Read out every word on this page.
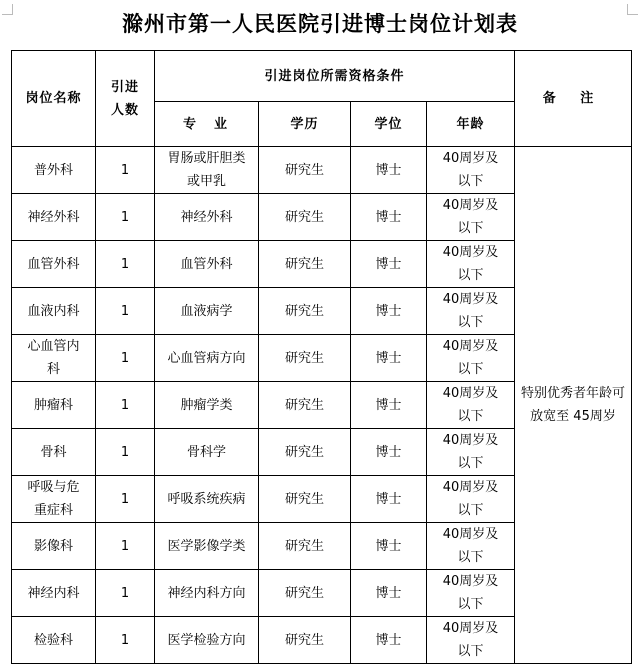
滁州市第一人民医院引进博士岗位计划表
岗位名称	引进人数	引进岗位所需资格条件				备 注
		专  业	学历	学位	年龄	
普外科	1	胃肠或肝胆类或甲乳	研究生	博士	40周岁及以下	特别优秀者年龄可放宽至 45周岁
神经外科	1	神经外科	研究生	博士	40周岁及以下	
血管外科	1	血管外科	研究生	博士	40周岁及以下	
血液内科	1	血液病学	研究生	博士	40周岁及以下	
心血管内科	1	心血管病方向	研究生	博士	40周岁及以下	
肿瘤科	1	肿瘤学类	研究生	博士	40周岁及以下	
骨科	1	骨科学	研究生	博士	40周岁及以下	
呼吸与危重症科	1	呼吸系统疾病	研究生	博士	40周岁及以下	
影像科	1	医学影像学类	研究生	博士	40周岁及以下	
神经内科	1	神经内科方向	研究生	博士	40周岁及以下	
检验科	1	医学检验方向	研究生	博士	40周岁及以下	
